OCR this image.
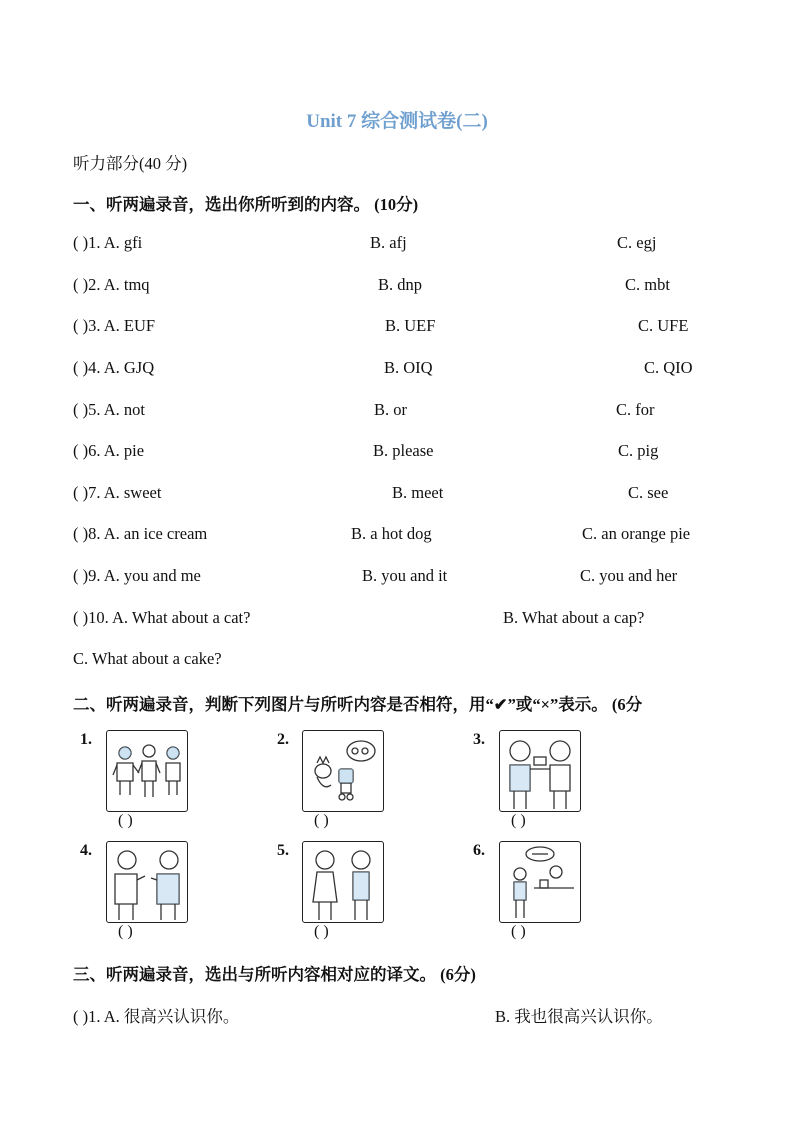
Unit 7 综合测试卷(二)
听力部分(40 分)
一、听两遍录音，选出你所听到的内容。 (10分)
( )1. A. gfi	B. afj	C. egj
( )2. A. tmq	B. dnp	C. mbt
( )3. A. EUF	B. UEF	C. UFE
( )4. A. GJQ	B. OIQ	C. QIO
( )5. A. not	B. or	C. for
( )6. A. pie	B. please	C. pig
( )7. A. sweet	B. meet	C. see
( )8. A. an ice cream	B. a hot dog	C. an orange pie
( )9. A. you and me	B. you and it	C. you and her
( )10. A. What about a cat?	B. What about a cap?
C. What about a cake?
二、听两遍录音，判断下列图片与所听内容是否相符，用“✔”或“×”表示。 (6分
1.
( )
2.
( )
3.
( )
4.
( )
5.
( )
6.
( )
三、听两遍录音，选出与所听内容相对应的译文。 (6分)
( )1. A. 很高兴认识你。	B. 我也很高兴认识你。
